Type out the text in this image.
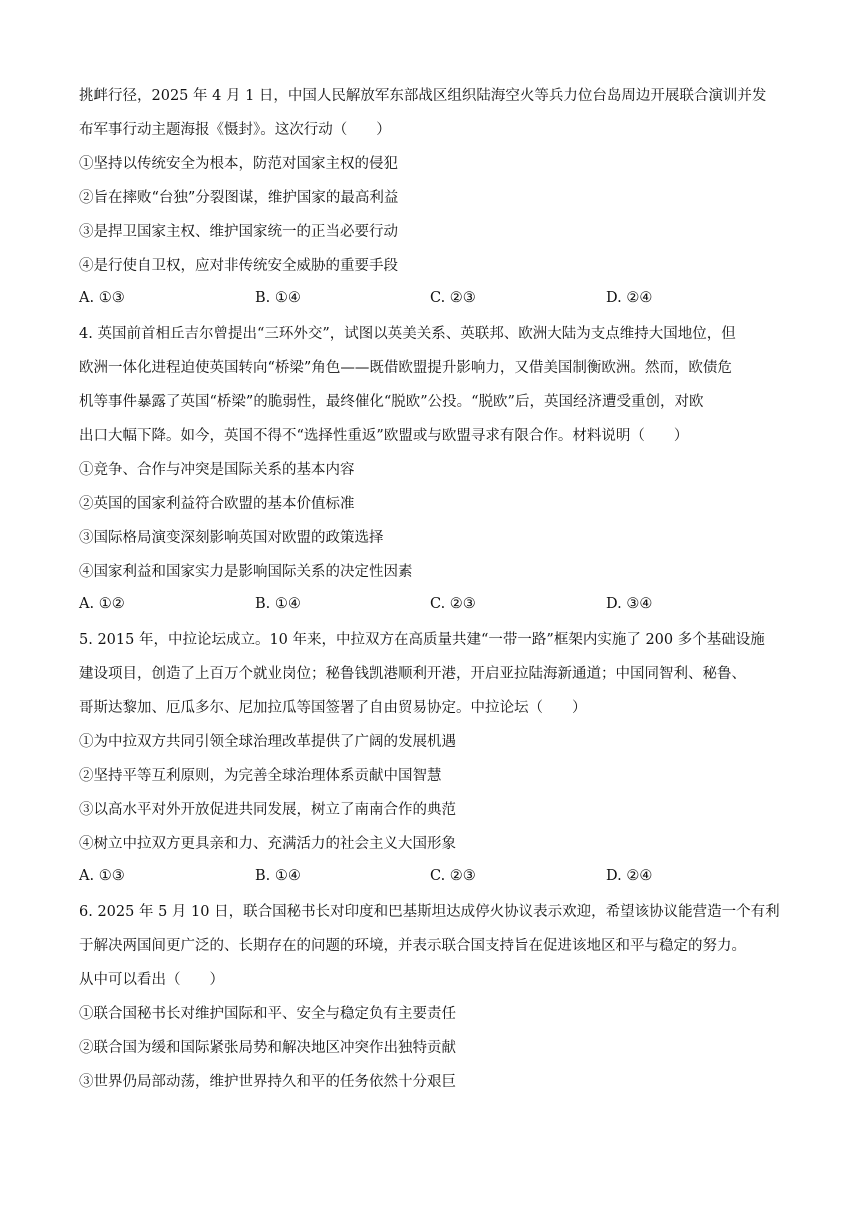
挑衅行径，2025 年 4 月 1 日，中国人民解放军东部战区组织陆海空火等兵力位台岛周边开展联合演训并发
布军事行动主题海报《慑封》。这次行动（　　）
①坚持以传统安全为根本，防范对国家主权的侵犯
②旨在摔败“台独”分裂图谋，维护国家的最高利益
③是捍卫国家主权、维护国家统一的正当必要行动
④是行使自卫权，应对非传统安全威胁的重要手段
A. ①③	B. ①④	C. ②③	D. ②④
4. 英国前首相丘吉尔曾提出“三环外交”，试图以英美关系、英联邦、欧洲大陆为支点维持大国地位，但
欧洲一体化进程迫使英国转向“桥梁”角色——既借欧盟提升影响力，又借美国制衡欧洲。然而，欧债危
机等事件暴露了英国“桥梁”的脆弱性，最终催化“脱欧”公投。“脱欧”后，英国经济遭受重创，对欧
出口大幅下降。如今，英国不得不“选择性重返”欧盟或与欧盟寻求有限合作。材料说明（　　）
①竞争、合作与冲突是国际关系的基本内容
②英国的国家利益符合欧盟的基本价值标准
③国际格局演变深刻影响英国对欧盟的政策选择
④国家利益和国家实力是影响国际关系的决定性因素
A. ①②	B. ①④	C. ②③	D. ③④
5. 2015 年，中拉论坛成立。10 年来，中拉双方在高质量共建“一带一路”框架内实施了 200 多个基础设施
建设项目，创造了上百万个就业岗位；秘鲁钱凯港顺利开港，开启亚拉陆海新通道；中国同智利、秘鲁、
哥斯达黎加、厄瓜多尔、尼加拉瓜等国签署了自由贸易协定。中拉论坛（　　）
①为中拉双方共同引领全球治理改革提供了广阔的发展机遇
②坚持平等互利原则，为完善全球治理体系贡献中国智慧
③以高水平对外开放促进共同发展，树立了南南合作的典范
④树立中拉双方更具亲和力、充满活力的社会主义大国形象
A. ①③	B. ①④	C. ②③	D. ②④
6. 2025 年 5 月 10 日，联合国秘书长对印度和巴基斯坦达成停火协议表示欢迎，希望该协议能营造一个有利
于解决两国间更广泛的、长期存在的问题的环境，并表示联合国支持旨在促进该地区和平与稳定的努力。
从中可以看出（　　）
①联合国秘书长对维护国际和平、安全与稳定负有主要责任
②联合国为缓和国际紧张局势和解决地区冲突作出独特贡献
③世界仍局部动荡，维护世界持久和平的任务依然十分艰巨
